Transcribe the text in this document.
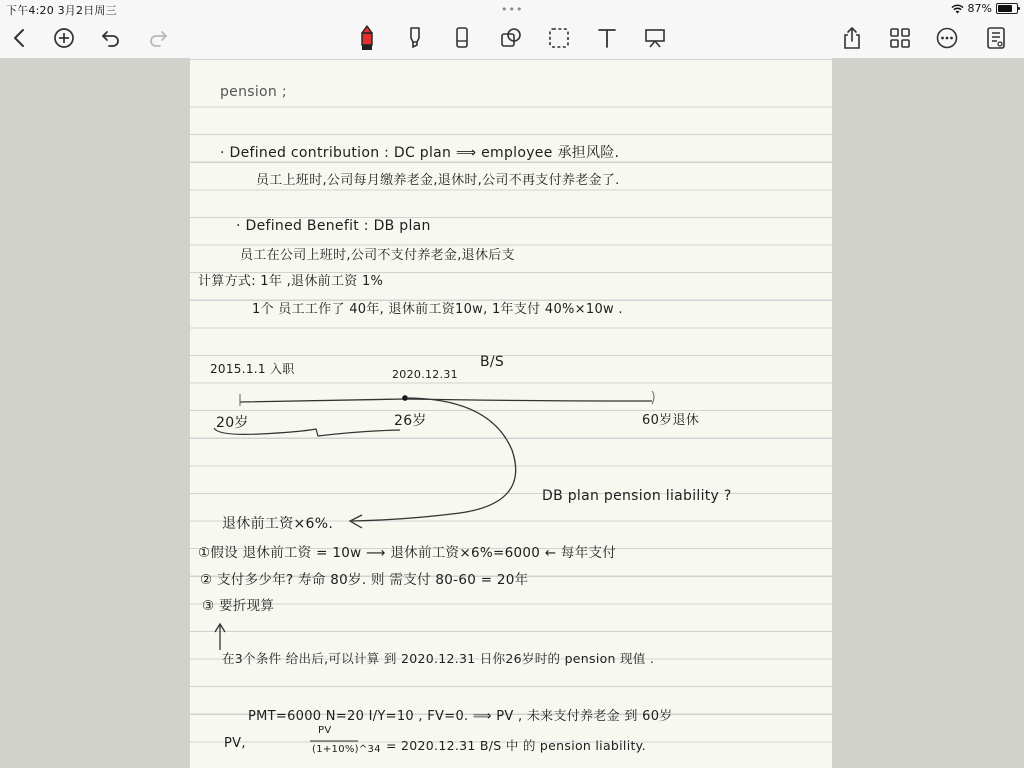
下午4:20 3月2日周三	•••	87%
pension ;
· Defined contribution : DC plan ⟹ employee 承担风险.
员工上班时,公司每月缴养老金,退休时,公司不再支付养老金了.
· Defined Benefit : DB plan
员工在公司上班时,公司不支付养老金,退休后支
计算方式: 1年 ,退休前工资 1%
1个 员工工作了 40年, 退休前工资10w, 1年支付 40%×10w .
2015.1.1 入职	2020.12.31
B/S
20岁	26岁	60岁退休
DB plan pension liability ?
退休前工资×6%.
①假设 退休前工资 = 10w ⟶ 退休前工资×6%=6000 ← 每年支付
② 支付多少年? 寿命 80岁. 则 需支付 80-60 = 20年
③ 要折现算
在3个条件 给出后,可以计算 到 2020.12.31 日你26岁时的 pension 现值 .
PMT=6000 N=20 I/Y=10 , FV=0. ⟹ PV , 未来支付养老金 到 60岁
PV,
PV
(1+10%)^34 = 2020.12.31 B/S 中 的 pension liability.
